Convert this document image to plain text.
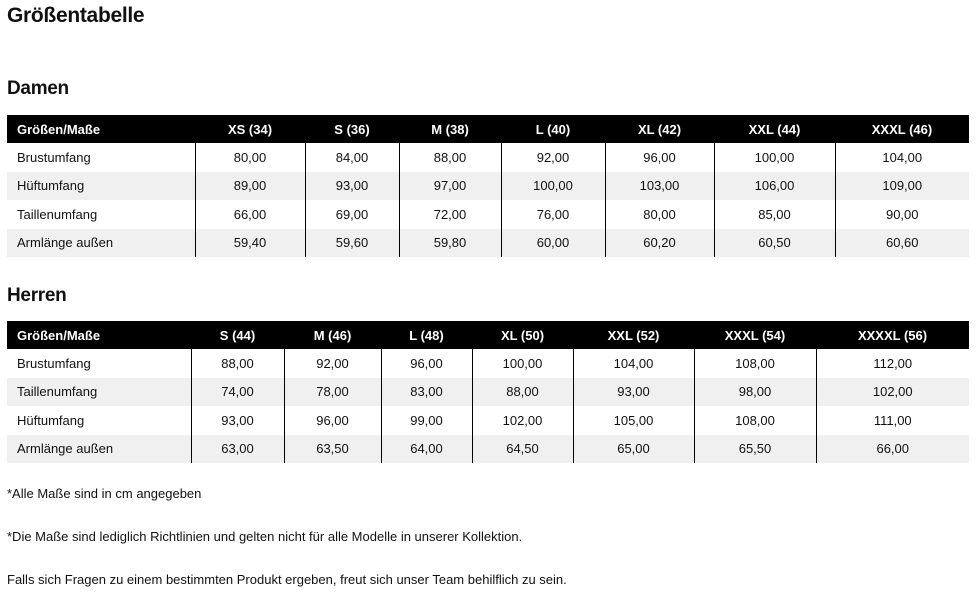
Größentabelle
Damen
Größen/Maße	XS (34)	S (36)	M (38)	L (40)	XL (42)	XXL (44)	XXXL (46)
Brustumfang	80,00	84,00	88,00	92,00	96,00	100,00	104,00
Hüftumfang	89,00	93,00	97,00	100,00	103,00	106,00	109,00
Taillenumfang	66,00	69,00	72,00	76,00	80,00	85,00	90,00
Armlänge außen	59,40	59,60	59,80	60,00	60,20	60,50	60,60
Herren
Größen/Maße	S (44)	M (46)	L (48)	XL (50)	XXL (52)	XXXL (54)	XXXXL (56)
Brustumfang	88,00	92,00	96,00	100,00	104,00	108,00	112,00
Taillenumfang	74,00	78,00	83,00	88,00	93,00	98,00	102,00
Hüftumfang	93,00	96,00	99,00	102,00	105,00	108,00	111,00
Armlänge außen	63,00	63,50	64,00	64,50	65,00	65,50	66,00
*Alle Maße sind in cm angegeben
*Die Maße sind lediglich Richtlinien und gelten nicht für alle Modelle in unserer Kollektion.
Falls sich Fragen zu einem bestimmten Produkt ergeben, freut sich unser Team behilflich zu sein.
